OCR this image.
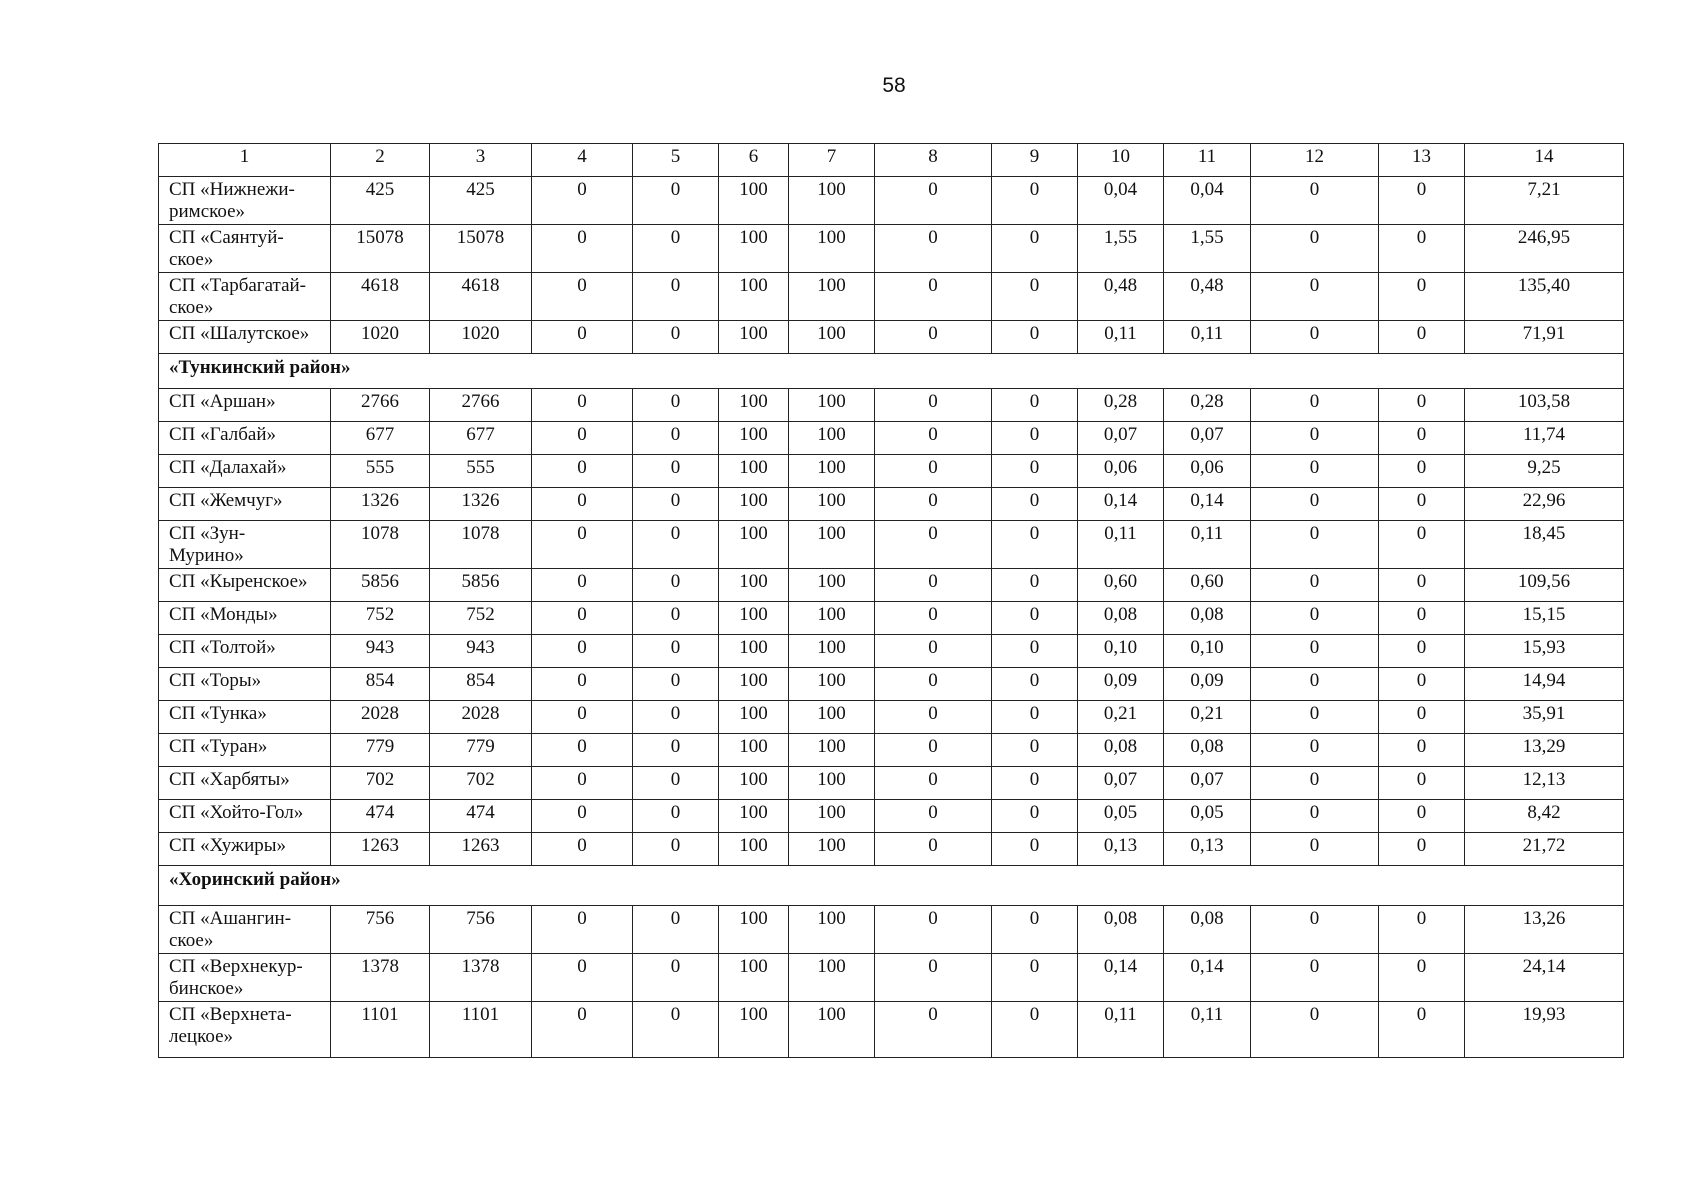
58
1	2	3	4	5	6	7	8	9	10	11	12	13	14
СП «Нижнежи-
римское»	425	425	0	0	100	100	0	0	0,04	0,04	0	0	7,21
СП «Саянтуй-
ское»	15078	15078	0	0	100	100	0	0	1,55	1,55	0	0	246,95
СП «Тарбагатай-
ское»	4618	4618	0	0	100	100	0	0	0,48	0,48	0	0	135,40
СП «Шалутское»	1020	1020	0	0	100	100	0	0	0,11	0,11	0	0	71,91
«Тункинский район»													
СП «Аршан»	2766	2766	0	0	100	100	0	0	0,28	0,28	0	0	103,58
СП «Галбай»	677	677	0	0	100	100	0	0	0,07	0,07	0	0	11,74
СП «Далахай»	555	555	0	0	100	100	0	0	0,06	0,06	0	0	9,25
СП «Жемчуг»	1326	1326	0	0	100	100	0	0	0,14	0,14	0	0	22,96
СП «Зун-
Мурино»	1078	1078	0	0	100	100	0	0	0,11	0,11	0	0	18,45
СП «Кыренское»	5856	5856	0	0	100	100	0	0	0,60	0,60	0	0	109,56
СП «Монды»	752	752	0	0	100	100	0	0	0,08	0,08	0	0	15,15
СП «Толтой»	943	943	0	0	100	100	0	0	0,10	0,10	0	0	15,93
СП «Торы»	854	854	0	0	100	100	0	0	0,09	0,09	0	0	14,94
СП «Тунка»	2028	2028	0	0	100	100	0	0	0,21	0,21	0	0	35,91
СП «Туран»	779	779	0	0	100	100	0	0	0,08	0,08	0	0	13,29
СП «Харбяты»	702	702	0	0	100	100	0	0	0,07	0,07	0	0	12,13
СП «Хойто-Гол»	474	474	0	0	100	100	0	0	0,05	0,05	0	0	8,42
СП «Хужиры»	1263	1263	0	0	100	100	0	0	0,13	0,13	0	0	21,72
«Хоринский район»													
СП «Ашангин-
ское»	756	756	0	0	100	100	0	0	0,08	0,08	0	0	13,26
СП «Верхнекур-
бинское»	1378	1378	0	0	100	100	0	0	0,14	0,14	0	0	24,14
СП «Верхнета-
лецкое»	1101	1101	0	0	100	100	0	0	0,11	0,11	0	0	19,93
